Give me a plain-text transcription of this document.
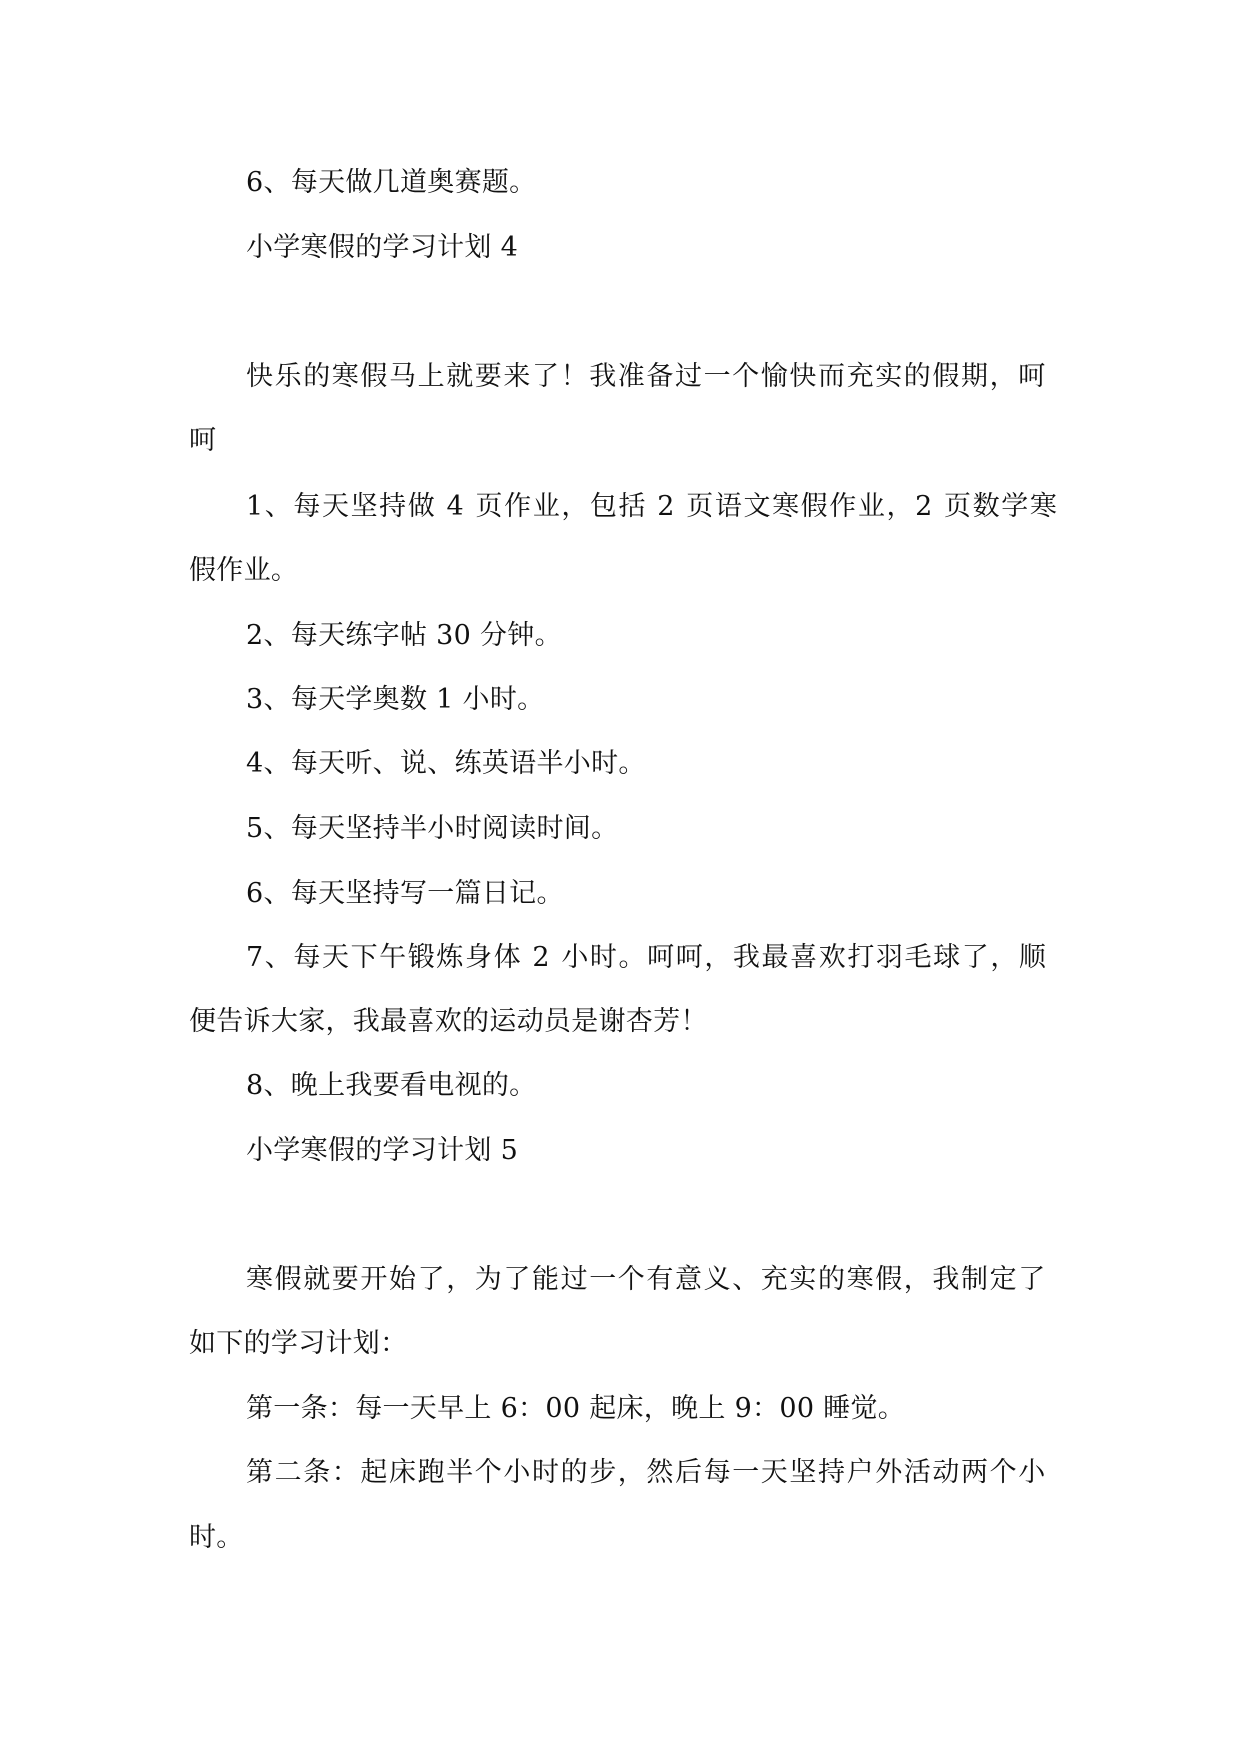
6、每天做几道奥赛题。
小学寒假的学习计划 4
快乐的寒假马上就要来了！我准备过一个愉快而充实的假期，呵
呵
1、每天坚持做 4 页作业，包括 2 页语文寒假作业，2 页数学寒
假作业。
2、每天练字帖 30 分钟。
3、每天学奥数 1 小时。
4、每天听、说、练英语半小时。
5、每天坚持半小时阅读时间。
6、每天坚持写一篇日记。
7、每天下午锻炼身体 2 小时。呵呵，我最喜欢打羽毛球了，顺
便告诉大家，我最喜欢的运动员是谢杏芳！
8、晚上我要看电视的。
小学寒假的学习计划 5
寒假就要开始了，为了能过一个有意义、充实的寒假，我制定了
如下的学习计划：
第一条：每一天早上 6：00 起床，晚上 9：00 睡觉。
第二条：起床跑半个小时的步，然后每一天坚持户外活动两个小
时。
